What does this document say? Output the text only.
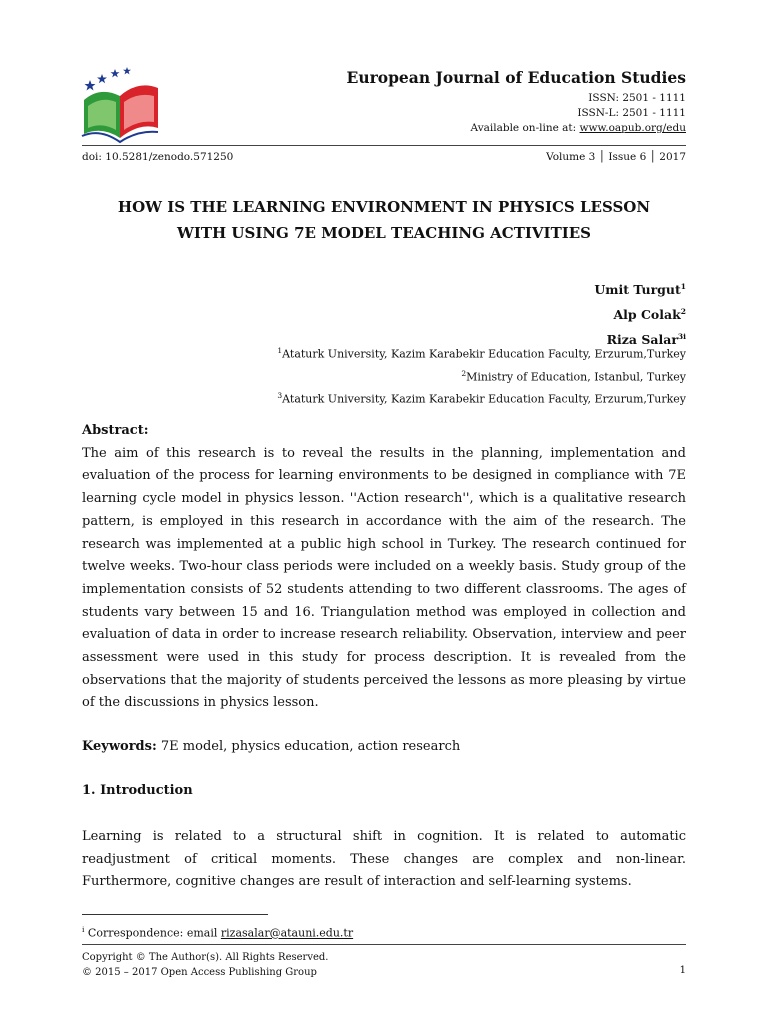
European Journal of Education Studies
ISSN: 2501 - 1111
ISSN-L: 2501 - 1111
Available on-line at: www.oapub.org/edu
doi: 10.5281/zenodo.571250	Volume 3 │ Issue 6 │ 2017
HOW IS THE LEARNING ENVIRONMENT IN PHYSICS LESSON
WITH USING 7E MODEL TEACHING ACTIVITIES
Umit Turgut$^1$
Alp Colak$^2$
Riza Salar$^{3i}$
$^1$Ataturk University, Kazim Karabekir Education Faculty, Erzurum,Turkey
$^2$Ministry of Education, Istanbul, Turkey
$^3$Ataturk University, Kazim Karabekir Education Faculty, Erzurum,Turkey
Abstract:
The aim of this research is to reveal the results in the planning, implementation and evaluation of the process for learning environments to be designed in compliance with 7E learning cycle model in physics lesson. ''Action research'', which is a qualitative research pattern, is employed in this research in accordance with the aim of the research. The research was implemented at a public high school in Turkey. The research continued for twelve weeks. Two-hour class periods were included on a weekly basis. Study group of the implementation consists of 52 students attending to two different classrooms. The ages of students vary between 15 and 16. Triangulation method was employed in collection and evaluation of data in order to increase research reliability. Observation, interview and peer assessment were used in this study for process description. It is revealed from the observations that the majority of students perceived the lessons as more pleasing by virtue of the discussions in physics lesson.
Keywords: 7E model, physics education, action research
1. Introduction
Learning is related to a structural shift in cognition. It is related to automatic readjustment of critical moments. These changes are complex and non-linear. Furthermore, cognitive changes are result of interaction and self-learning systems.
$^i$ Correspondence: email rizasalar@atauni.edu.tr
Copyright © The Author(s). All Rights Reserved.
© 2015 – 2017 Open Access Publishing Group	1
